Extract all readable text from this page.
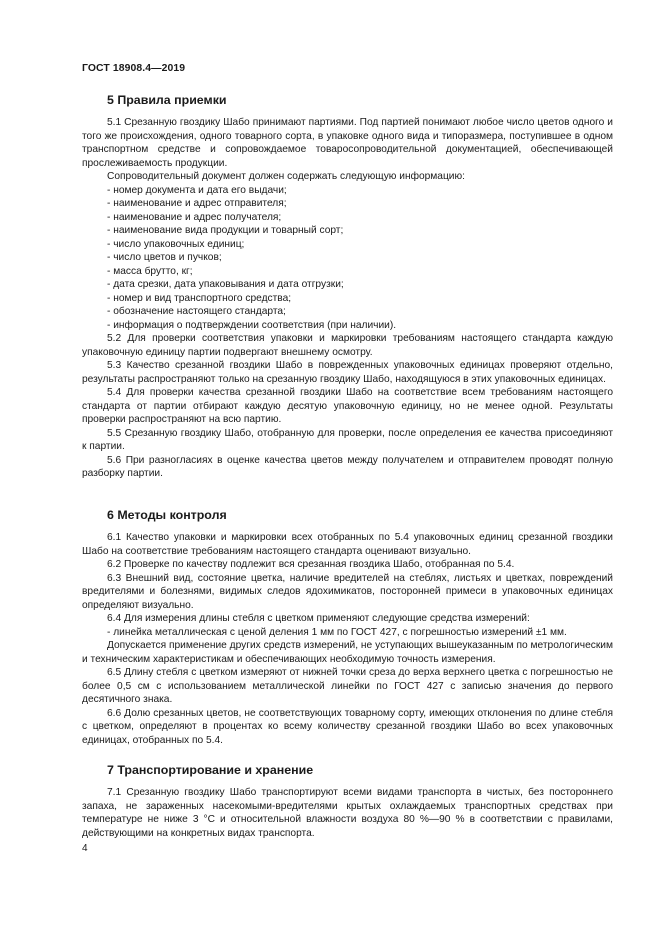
ГОСТ 18908.4—2019
5 Правила приемки

5.1 Срезанную гвоздику Шабо принимают партиями. Под партией понимают любое число цветов одного и того же происхождения, одного товарного сорта, в упаковке одного вида и типоразмера, поступившее в одном транспортном средстве и сопровождаемое товаросопроводительной документацией, обеспечивающей прослеживаемость продукции.

Сопроводительный документ должен содержать следующую информацию:

- номер документа и дата его выдачи;

- наименование и адрес отправителя;

- наименование и адрес получателя;

- наименование вида продукции и товарный сорт;

- число упаковочных единиц;

- число цветов и пучков;

- масса брутто, кг;

- дата срезки, дата упаковывания и дата отгрузки;

- номер и вид транспортного средства;

- обозначение настоящего стандарта;

- информация о подтверждении соответствия (при наличии).

5.2 Для проверки соответствия упаковки и маркировки требованиям настоящего стандарта каждую упаковочную единицу партии подвергают внешнему осмотру.

5.3 Качество срезанной гвоздики Шабо в поврежденных упаковочных единицах проверяют отдельно, результаты распространяют только на срезанную гвоздику Шабо, находящуюся в этих упаковочных единицах.

5.4 Для проверки качества срезанной гвоздики Шабо на соответствие всем требованиям настоящего стандарта от партии отбирают каждую десятую упаковочную единицу, но не менее одной. Результаты проверки распространяют на всю партию.

5.5 Срезанную гвоздику Шабо, отобранную для проверки, после определения ее качества присоединяют к партии.

5.6 При разногласиях в оценке качества цветов между получателем и отправителем проводят полную разборку партии.

6 Методы контроля

6.1 Качество упаковки и маркировки всех отобранных по 5.4 упаковочных единиц срезанной гвоздики Шабо на соответствие требованиям настоящего стандарта оценивают визуально.

6.2 Проверке по качеству подлежит вся срезанная гвоздика Шабо, отобранная по 5.4.

6.3 Внешний вид, состояние цветка, наличие вредителей на стеблях, листьях и цветках, повреждений вредителями и болезнями, видимых следов ядохимикатов, посторонней примеси в упаковочных единицах определяют визуально.

6.4 Для измерения длины стебля с цветком применяют следующие средства измерений:

- линейка металлическая с ценой деления 1 мм по ГОСТ 427, с погрешностью измерений ±1 мм.

Допускается применение других средств измерений, не уступающих вышеуказанным по метрологическим и техническим характеристикам и обеспечивающих необходимую точность измерения.

6.5 Длину стебля с цветком измеряют от нижней точки среза до верха верхнего цветка с погрешностью не более 0,5 см с использованием металлической линейки по ГОСТ 427 с записью значения до первого десятичного знака.

6.6 Долю срезанных цветов, не соответствующих товарному сорту, имеющих отклонения по длине стебля с цветком, определяют в процентах ко всему количеству срезанной гвоздики Шабо во всех упаковочных единицах, отобранных по 5.4.

7 Транспортирование и хранение

7.1 Срезанную гвоздику Шабо транспортируют всеми видами транспорта в чистых, без постороннего запаха, не зараженных насекомыми-вредителями крытых охлаждаемых транспортных средствах при температуре не ниже 3 °С и относительной влажности воздуха 80 %—90 % в соответствии с правилами, действующими на конкретных видах транспорта.

4
